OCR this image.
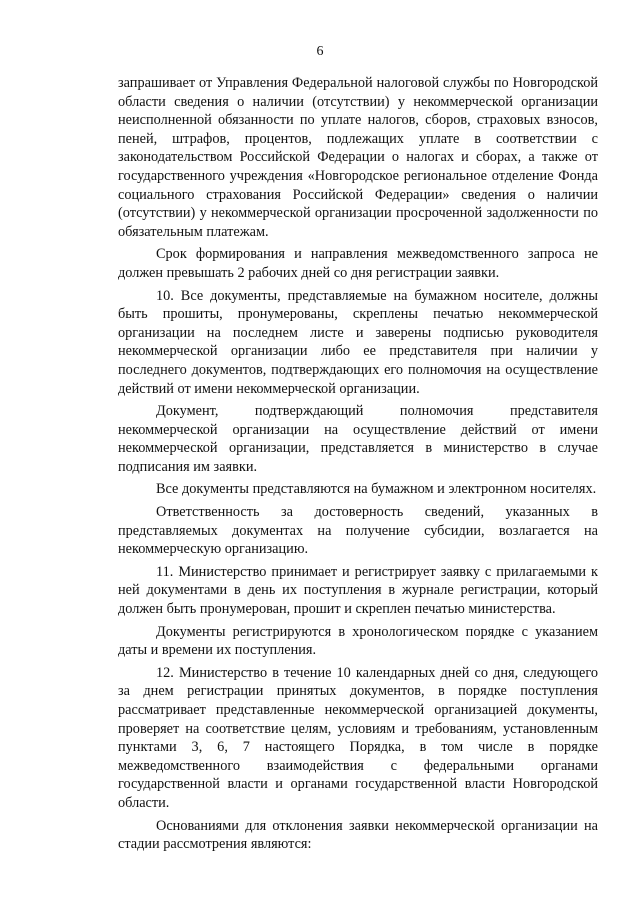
6

запрашивает от Управления Федеральной налоговой службы по Новгородской области сведения о наличии (отсутствии) у некоммерческой организации неисполненной обязанности по уплате налогов, сборов, страховых взносов, пеней, штрафов, процентов, подлежащих уплате в соответствии с законодательством Российской Федерации о налогах и сборах, а также от государственного учреждения «Новгородское региональное отделение Фонда социального страхования Российской Федерации» сведения о наличии (отсутствии) у некоммерческой организации просроченной задолженности по обязательным платежам.

Срок формирования и направления межведомственного запроса не должен превышать 2 рабочих дней со дня регистрации заявки.

10. Все документы, представляемые на бумажном носителе, должны быть прошиты, пронумерованы, скреплены печатью некоммерческой организации на последнем листе и заверены подписью руководителя некоммерческой организации либо ее представителя при наличии у последнего документов, подтверждающих его полномочия на осуществление действий от имени некоммерческой организации.

Документ, подтверждающий полномочия представителя некоммерческой организации на осуществление действий от имени некоммерческой организации, представляется в министерство в случае подписания им заявки.

Все документы представляются на бумажном и электронном носителях.

Ответственность за достоверность сведений, указанных в представляемых документах на получение субсидии, возлагается на некоммерческую организацию.

11. Министерство принимает и регистрирует заявку с прилагаемыми к ней документами в день их поступления в журнале регистрации, который должен быть пронумерован, прошит и скреплен печатью министерства.

Документы регистрируются в хронологическом порядке с указанием даты и времени их поступления.

12. Министерство в течение 10 календарных дней со дня, следующего за днем регистрации принятых документов, в порядке поступления рассматривает представленные некоммерческой организацией документы, проверяет на соответствие целям, условиям и требованиям, установленным пунктами 3, 6, 7 настоящего Порядка, в том числе в порядке межведомственного взаимодействия с федеральными органами государственной власти и органами государственной власти Новгородской области.

Основаниями для отклонения заявки некоммерческой организации на стадии рассмотрения являются:
